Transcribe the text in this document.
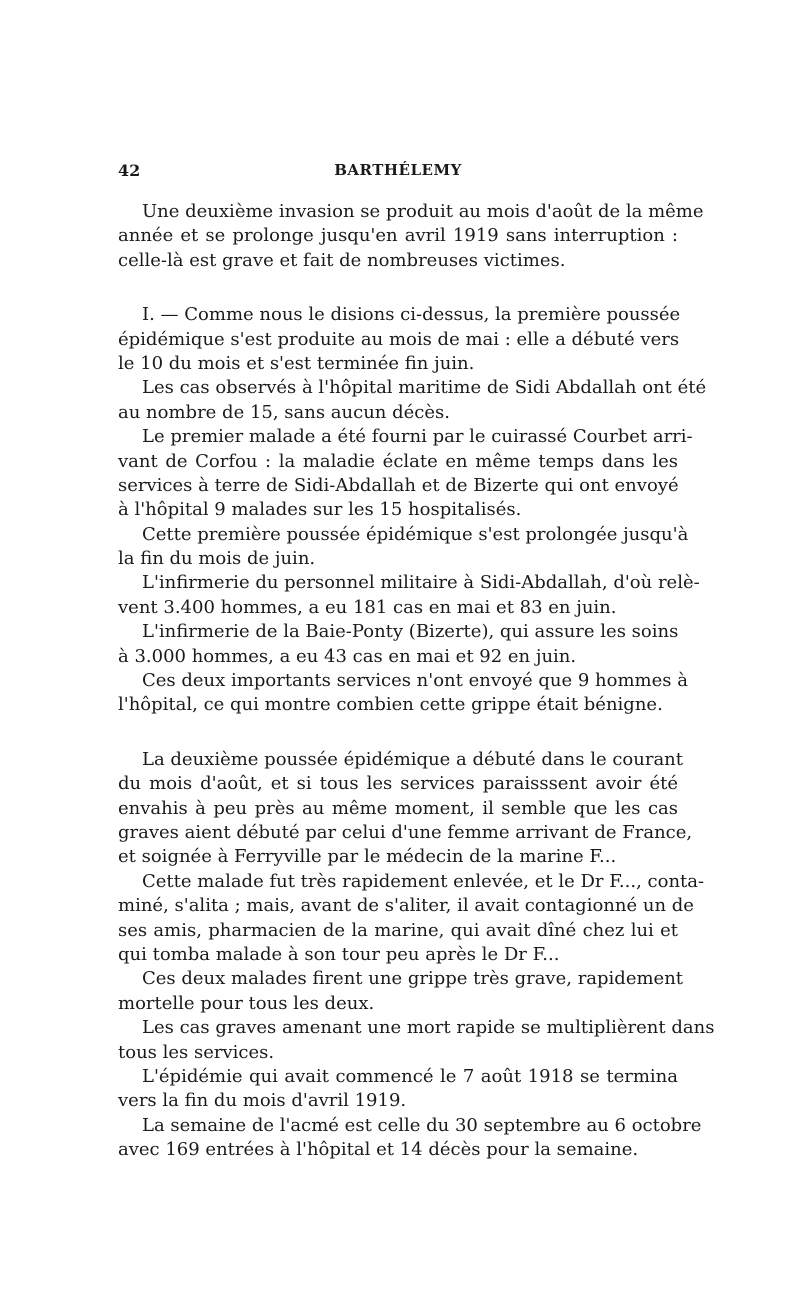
42	BARTHÉLEMY
Une deuxième invasion se produit au mois d'août de la même
année et se prolonge jusqu'en avril 1919 sans interruption :
celle-là est grave et fait de nombreuses victimes.
I. — Comme nous le disions ci-dessus, la première poussée
épidémique s'est produite au mois de mai : elle a débuté vers
le 10 du mois et s'est terminée fin juin.
Les cas observés à l'hôpital maritime de Sidi Abdallah ont été
au nombre de 15, sans aucun décès.
Le premier malade a été fourni par le cuirassé Courbet arri-
vant de Corfou : la maladie éclate en même temps dans les
services à terre de Sidi-Abdallah et de Bizerte qui ont envoyé
à l'hôpital 9 malades sur les 15 hospitalisés.
Cette première poussée épidémique s'est prolongée jusqu'à
la fin du mois de juin.
L'infirmerie du personnel militaire à Sidi-Abdallah, d'où relè-
vent 3.400 hommes, a eu 181 cas en mai et 83 en juin.
L'infirmerie de la Baie-Ponty (Bizerte), qui assure les soins
à 3.000 hommes, a eu 43 cas en mai et 92 en juin.
Ces deux importants services n'ont envoyé que 9 hommes à
l'hôpital, ce qui montre combien cette grippe était bénigne.
La deuxième poussée épidémique a débuté dans le courant
du mois d'août, et si tous les services paraisssent avoir été
envahis à peu près au même moment, il semble que les cas
graves aient débuté par celui d'une femme arrivant de France,
et soignée à Ferryville par le médecin de la marine F...
Cette malade fut très rapidement enlevée, et le Dr F..., conta-
miné, s'alita ; mais, avant de s'aliter, il avait contagionné un de
ses amis, pharmacien de la marine, qui avait dîné chez lui et
qui tomba malade à son tour peu après le Dr F...
Ces deux malades firent une grippe très grave, rapidement
mortelle pour tous les deux.
Les cas graves amenant une mort rapide se multiplièrent dans
tous les services.
L'épidémie qui avait commencé le 7 août 1918 se termina
vers la fin du mois d'avril 1919.
La semaine de l'acmé est celle du 30 septembre au 6 octobre
avec 169 entrées à l'hôpital et 14 décès pour la semaine.
